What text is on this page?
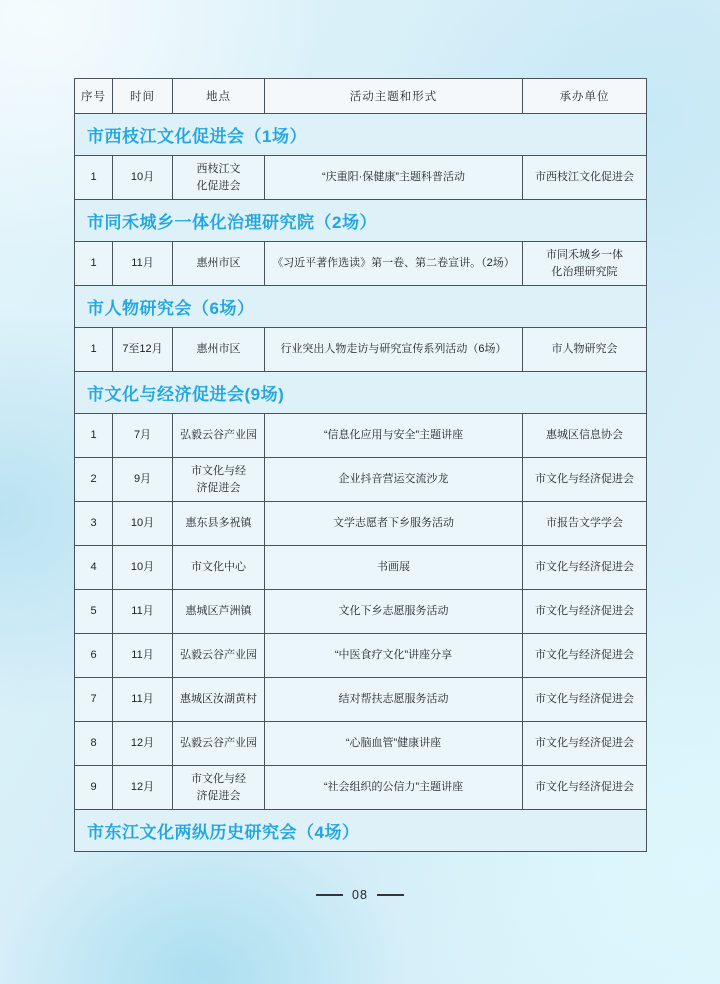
序号	时间	地点	活动主题和形式	承办单位
市西枝江文化促进会（1场）				
1	10月	西枝江文化促进会	“庆重阳·保健康”主题科普活动	市西枝江文化促进会
市同禾城乡一体化治理研究院（2场）				
1	11月	惠州市区	《习近平著作选读》第一卷、第二卷宣讲。（2场）	市同禾城乡一体化治理研究院
市人物研究会（6场）				
1	7至12月	惠州市区	行业突出人物走访与研究宣传系列活动（6场）	市人物研究会
市文化与经济促进会(9场)				
1	7月	弘毅云谷产业园	“信息化应用与安全”主题讲座	惠城区信息协会
2	9月	市文化与经济促进会	企业抖音营运交流沙龙	市文化与经济促进会
3	10月	惠东县多祝镇	文学志愿者下乡服务活动	市报告文学学会
4	10月	市文化中心	书画展	市文化与经济促进会
5	11月	惠城区芦洲镇	文化下乡志愿服务活动	市文化与经济促进会
6	11月	弘毅云谷产业园	“中医食疗文化”讲座分享	市文化与经济促进会
7	11月	惠城区汝湖黄村	结对帮扶志愿服务活动	市文化与经济促进会
8	12月	弘毅云谷产业园	“心脑血管”健康讲座	市文化与经济促进会
9	12月	市文化与经济促进会	“社会组织的公信力”主题讲座	市文化与经济促进会
市东江文化两纵历史研究会（4场）				
08
